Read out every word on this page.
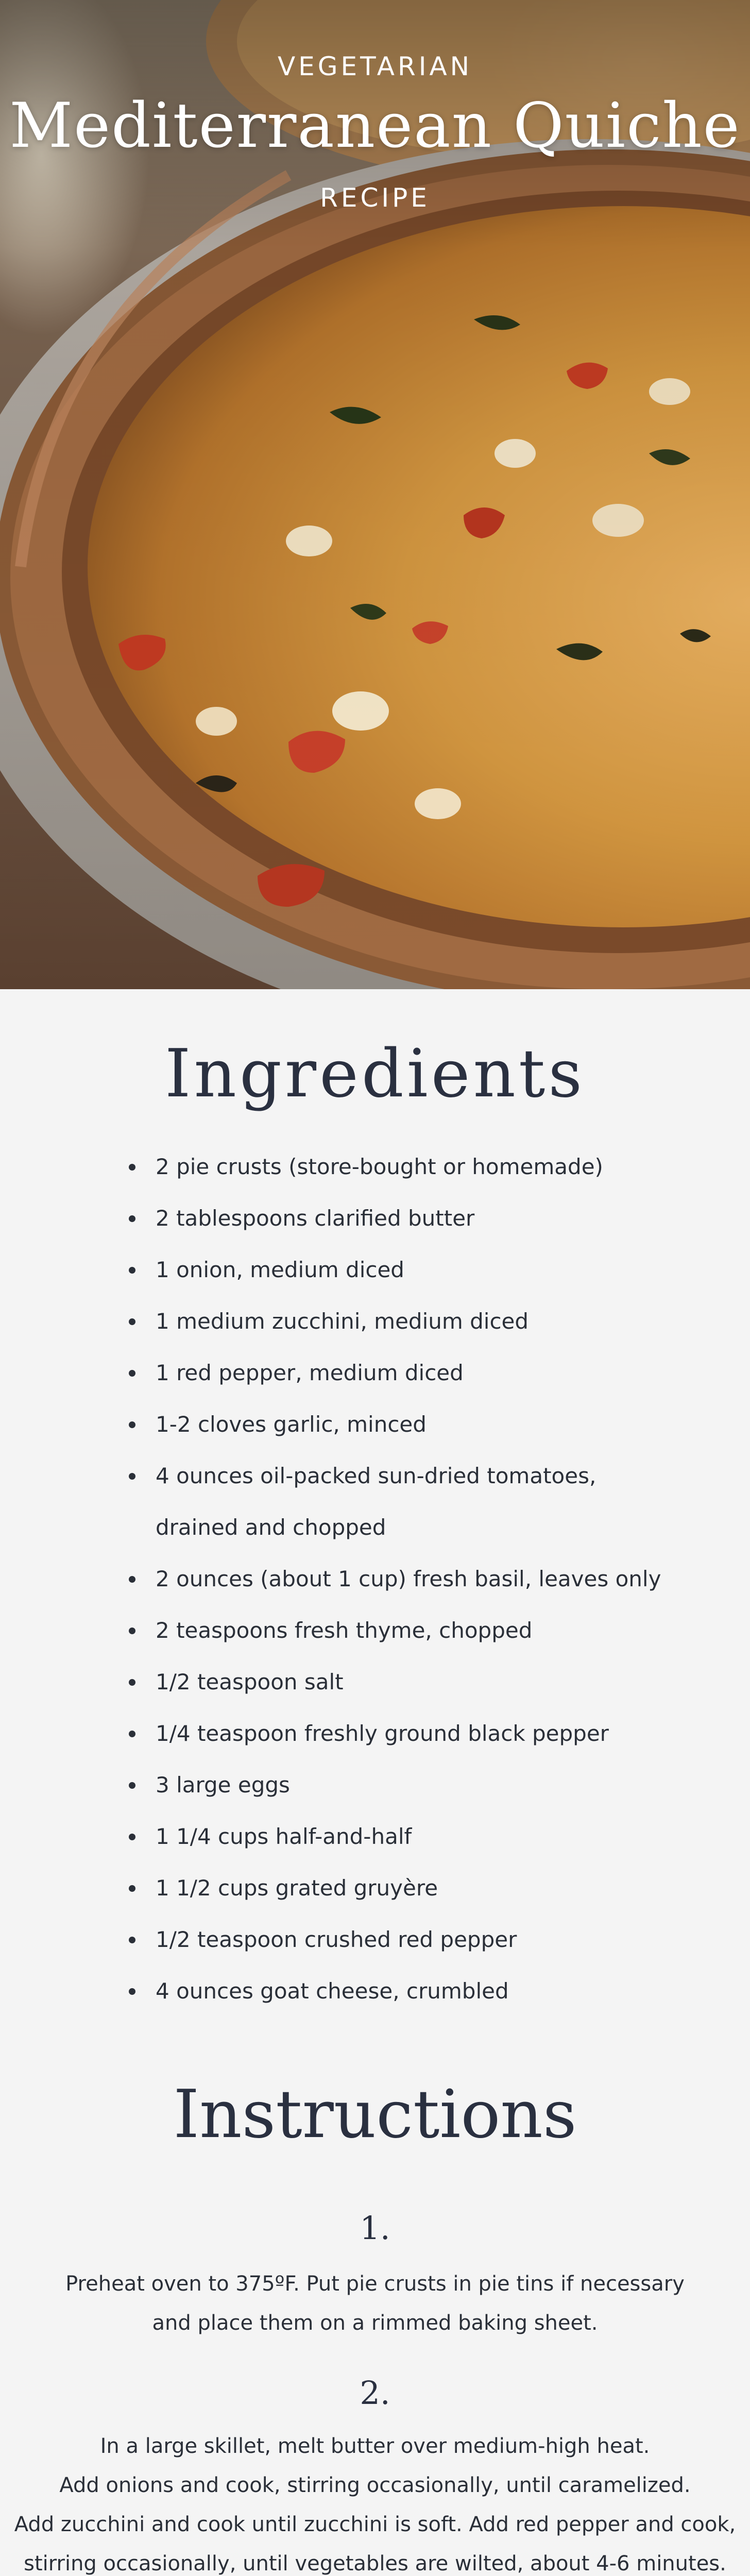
VEGETARIAN
Mediterranean Quiche
RECIPE
Ingredients
2 pie crusts (store-bought or homemade)
2 tablespoons clarified butter
1 onion, medium diced
1 medium zucchini, medium diced
1 red pepper, medium diced
1-2 cloves garlic, minced
4 ounces oil-packed sun-dried tomatoes,
drained and chopped
2 ounces (about 1 cup) fresh basil, leaves only
2 teaspoons fresh thyme, chopped
1/2 teaspoon salt
1/4 teaspoon freshly ground black pepper
3 large eggs
1 1/4 cups half-and-half
1 1/2 cups grated gruyère
1/2 teaspoon crushed red pepper
4 ounces goat cheese, crumbled
Instructions
1.
Preheat oven to 375ºF. Put pie crusts in pie tins if necessary
and place them on a rimmed baking sheet.
2.
In a large skillet, melt butter over medium-high heat.
Add onions and cook, stirring occasionally, until caramelized.
Add zucchini and cook until zucchini is soft. Add red pepper and cook,
stirring occasionally, until vegetables are wilted, about 4-6 minutes.
